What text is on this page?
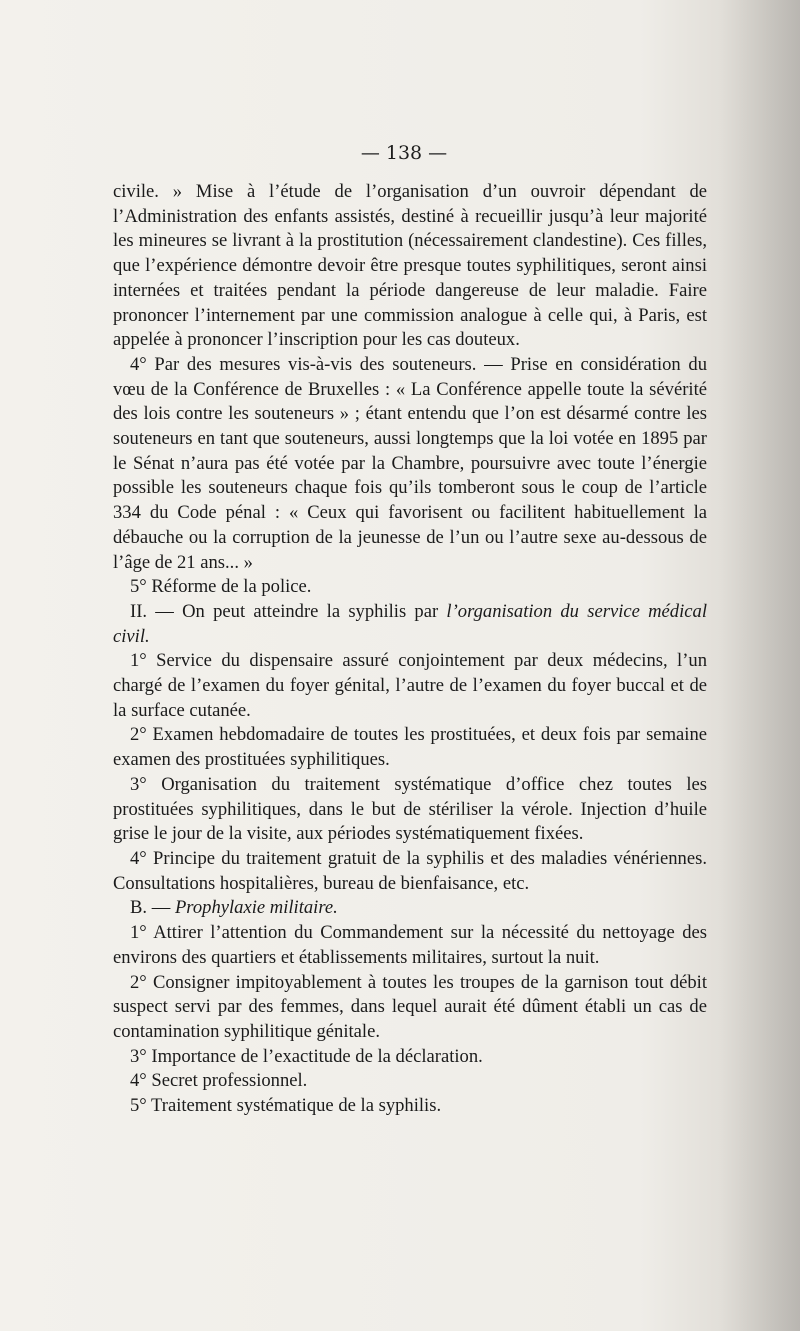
— 138 —

civile. » Mise à l’étude de l’organisation d’un ouvroir dépendant de l’Administration des enfants assistés, destiné à recueillir jusqu’à leur majorité les mineures se livrant à la prostitution (nécessairement clandestine). Ces filles, que l’expérience démontre devoir être presque toutes syphilitiques, seront ainsi internées et traitées pendant la période dangereuse de leur maladie. Faire prononcer l’internement par une commission analogue à celle qui, à Paris, est appelée à prononcer l’inscription pour les cas douteux.

4° Par des mesures vis-à-vis des souteneurs. — Prise en considération du vœu de la Conférence de Bruxelles : « La Conférence appelle toute la sévérité des lois contre les souteneurs » ; étant entendu que l’on est désarmé contre les souteneurs en tant que souteneurs, aussi longtemps que la loi votée en 1895 par le Sénat n’aura pas été votée par la Chambre, poursuivre avec toute l’énergie possible les souteneurs chaque fois qu’ils tomberont sous le coup de l’article 334 du Code pénal : « Ceux qui favorisent ou facilitent habituellement la débauche ou la corruption de la jeunesse de l’un ou l’autre sexe au-dessous de l’âge de 21 ans... »

5° Réforme de la police.

II. — On peut atteindre la syphilis par l’organisation du service médical civil.

1° Service du dispensaire assuré conjointement par deux médecins, l’un chargé de l’examen du foyer génital, l’autre de l’examen du foyer buccal et de la surface cutanée.

2° Examen hebdomadaire de toutes les prostituées, et deux fois par semaine examen des prostituées syphilitiques.

3° Organisation du traitement systématique d’office chez toutes les prostituées syphilitiques, dans le but de stériliser la vérole. Injection d’huile grise le jour de la visite, aux périodes systématiquement fixées.

4° Principe du traitement gratuit de la syphilis et des maladies vénériennes. Consultations hospitalières, bureau de bienfaisance, etc.

B. — Prophylaxie militaire.

1° Attirer l’attention du Commandement sur la nécessité du nettoyage des environs des quartiers et établissements militaires, surtout la nuit.

2° Consigner impitoyablement à toutes les troupes de la garnison tout débit suspect servi par des femmes, dans lequel aurait été dûment établi un cas de contamination syphilitique génitale.

3° Importance de l’exactitude de la déclaration.

4° Secret professionnel.

5° Traitement systématique de la syphilis.
